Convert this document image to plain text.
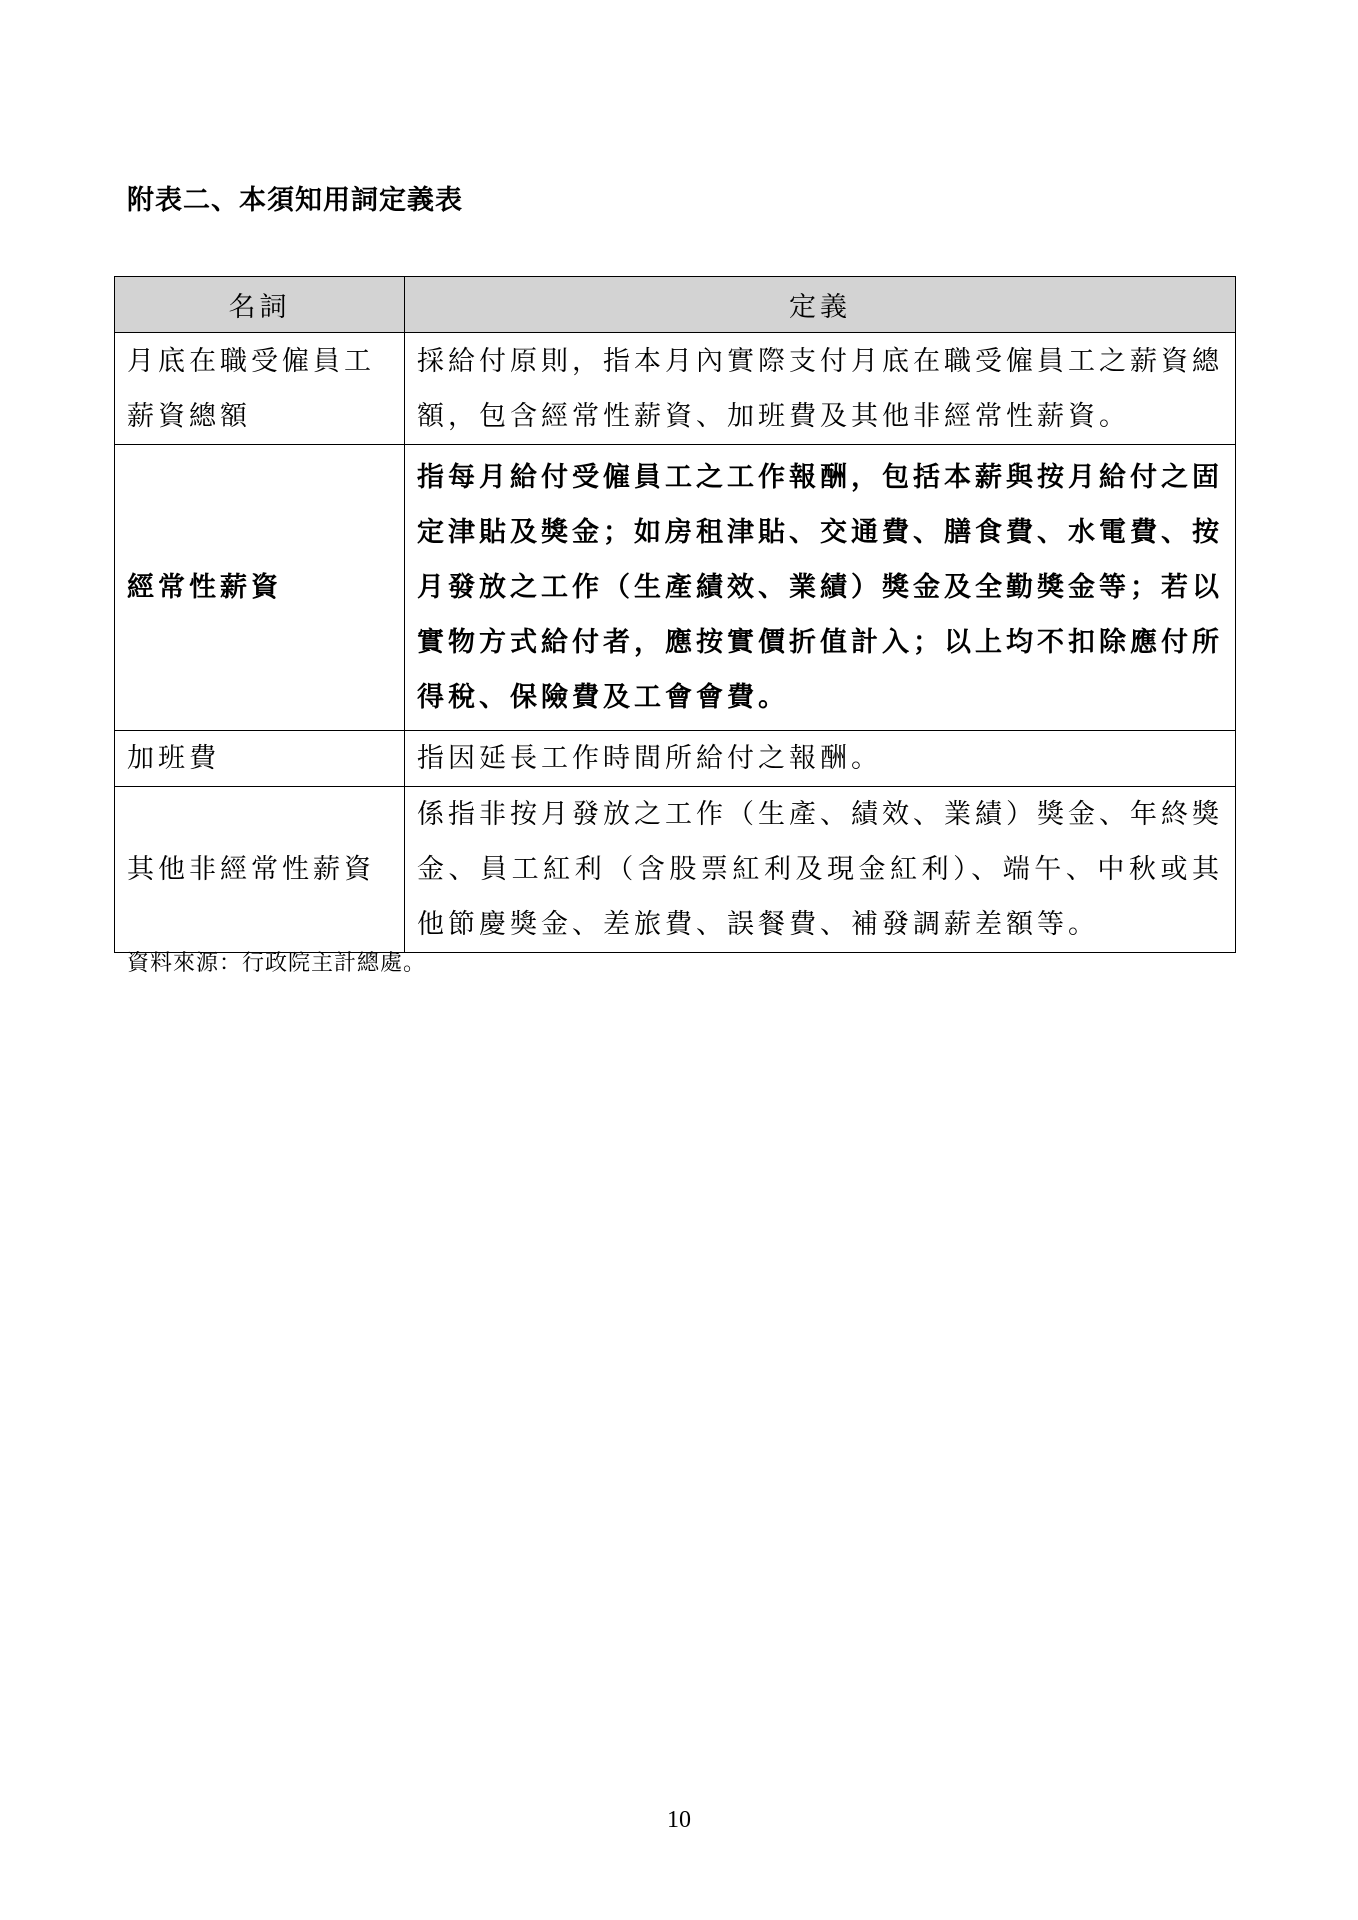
附表二、本須知用詞定義表
名詞	定義
月底在職受僱員工薪資總額	採給付原則，指本月內實際支付月底在職受僱員工之薪資總額，包含經常性薪資、加班費及其他非經常性薪資。
經常性薪資	指每月給付受僱員工之工作報酬，包括本薪與按月給付之固定津貼及獎金；如房租津貼、交通費、膳食費、水電費、按月發放之工作（生產績效、業績）獎金及全勤獎金等；若以實物方式給付者，應按實價折值計入；以上均不扣除應付所得稅、保險費及工會會費。
加班費	指因延長工作時間所給付之報酬。
其他非經常性薪資	係指非按月發放之工作（生產、績效、業績）獎金、年終獎金、員工紅利（含股票紅利及現金紅利）、端午、中秋或其他節慶獎金、差旅費、誤餐費、補發調薪差額等。
資料來源：行政院主計總處。
10
